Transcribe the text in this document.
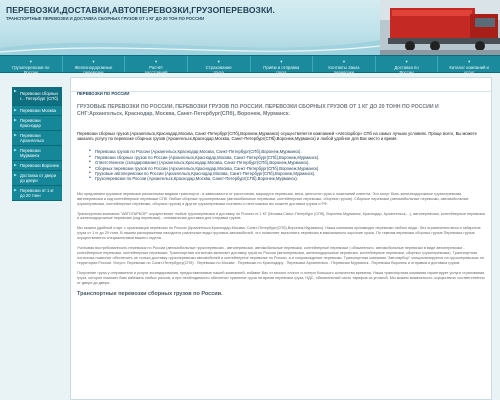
ПЕРЕВОЗКИ,ДОСТАВКИ,АВТОПЕРЕВОЗКИ,ГРУЗОПЕРЕВОЗКИ.
ТРАНСПОРТНЫЕ ПЕРЕВОЗКИ И ДОСТАВКА СБОРНЫХ ГРУЗОВ ОТ 1 КГ ДО 20 ТОН ПО РОССИИ
▼
Грузоперевозки по
▼
Железнодорожные
▼
Расчёт
▼
Страхование
▼
Приём и отправка
▼
Контакты Заказ
▼
Доставка по
▼
Каталог компаний и
▶ Перевозки сборных г... Петербург (СПб)
▶ Перевозки Москва
▶ Перевозки Краснодар
▶ Перевозки Архангельск
▶ Перевозки Мурманск
▶ Перевозки Воронеж
▶ Доставка от двери до двери
▶ Перевозки от 1 кг до 20 тонн
ПЕРЕВОЗКИ ПО РОССИИ
ГРУЗОВЫЕ ПЕРЕВОЗКИ ПО РОССИИ, ПЕРЕВОЗКИ ГРУЗОВ ПО РОССИИ. ПЕРЕВОЗКИ СБОРНЫХ ГРУЗОВ ОТ 1 КГ ДО 20 ТОНН ПО РОССИИ И СНГ:Архангельск, Краснодар, Москва, Санкт-Петербург(СПб), Воронеж, Мурманск.
Перевозки сборных грузов (Архангельск,Краснодар,Москва, Санкт-Петербург(СПб),Воронеж,Мурманск) осуществляется компанией «Автогарбор» СПб на самых лучших условиях. Проще всего, Вы можете заказать услугу по перевозке сборных грузов (Архангельск,Краснодар,Москва, Санкт-Петербург(СПб),Воронеж,Мурманск) и любой удобное для Вас место и время.
• Перевозка грузов по России (Архангельск,Краснодар,Москва, Санкт-Петербург(СПб),Воронеж,Мурманск).
• Перевозки сборных грузов по России (Архангельск,Краснодар,Москва, Санкт-Петербург(СПб),Воронеж,Мурманск).
• Ответственное (складирование) (Архангельск,Краснодар,Москва, Санкт-Петербург(СПб),Воронеж,Мурманск).
• Сборных перевозки грузов по России (Архангельск,Краснодар,Москва, Санкт-Петербург(СПб),Воронеж,Мурманск).
• Грузовые автоперевозки по России (Архангельск,Краснодар,Москва, Санкт-Петербург(СПб),Воронеж,Мурманск).
• Грузоперевозки по России (Архангельск,Краснодар,Москва, Санкт-Петербург(СПб),Воронеж,Мурманск).
Мы предлагаем грузовые перевозки различными видами транспорта - в зависимости от расстояния, маршрута перевозки, веса, ценности груза и пожеланий клиента. Это могут быть железнодорожные грузоперевозки, автоперевозки и код контейнерные перевозки СПб. Любые сборные грузоперевозки (автомобильные перевозки, контейнерные перевозки, сборных грузов). Сборные перевозки (автомобильные перевозки, автомобильные грузоперевозки, контейнерные перевозки, сборных грузов) и другие грузоперевозки поэтапно и неотложные вы можете доставка грузов и РФ.
Транспортная компания "АВТОГАРБОР" осуществляет любые грузоперевозки и доставку по России от 1 КГ (Москва,Санкт-Петербург (СПб), Воронеж,Мурманск, Краснодар, Архангельск,...), автоперевозки, контейнерные перевозки и железнодорожные перевозки (код перевозки) , оптимальная доставка для отправки грузов.
Мы можем удобный старт с организации перевозок по России (Архангельск,Краснодар,Москва, Санкт-Петербург(СПб),Воронеж,Мурманск). Наша компания производит перевозки любого вида - без ограничения веса и габаритов груза от 1 кг до 20 тонн. В нашем распоряжении находится различные виды грузовых автомобилей, что позволяет выполнить перевозки в максимально короткие сроки. По темпам перевозки сборных грузов Перевозка грузов осуществляется специалистами вашего отдела.
Учитывая востребованность перевозок по России (автомобильные грузоперевозки - автоперевозки, автомобильные перевозки, контейнерные перевозки ) обязательно, автомобильные перевозки в виде автоперевозки - контейнерные перевозки, контейнерные перевозки. Транспортная логистика включает доставку груза по России (автоперевозки, железнодорожные перевозки, контейнерные перевозки, сборных грузоперевозки). Транспортная логистика позволит обеспечить не только доставку грузоперевозки автомобилей и контейнерное перевозке по России, а и сопровождение перевозки. Транспортная компания "Автогарбор" специализируется на грузоперевозках по территории России. Услуги: Перевозки по Санкт-Петербургу(СПб) . Перевозки по Москве . Перевозки по Краснодару . Перевозки Архангельск . Перевозки Мурманск . Перевозки Воронеж и отправка и доставка грузов.
Получение груза у отправителя и услуги экспедирования, предоставляемые нашей компанией, избавят Вас от многих хлопот и потери большого количества времени. Наша транспортная компания гарантирует услуги страхования груза, которое поможет Вам избежать любых рисков, и при необходимости обеспечит хранение груза на время перевозки груза, НДС, обязательный часть тарифов из уплатой. Мы можем возможность осуществить соответственно от двери до двери .
Транспортные перевозки сборных грузов по России.
